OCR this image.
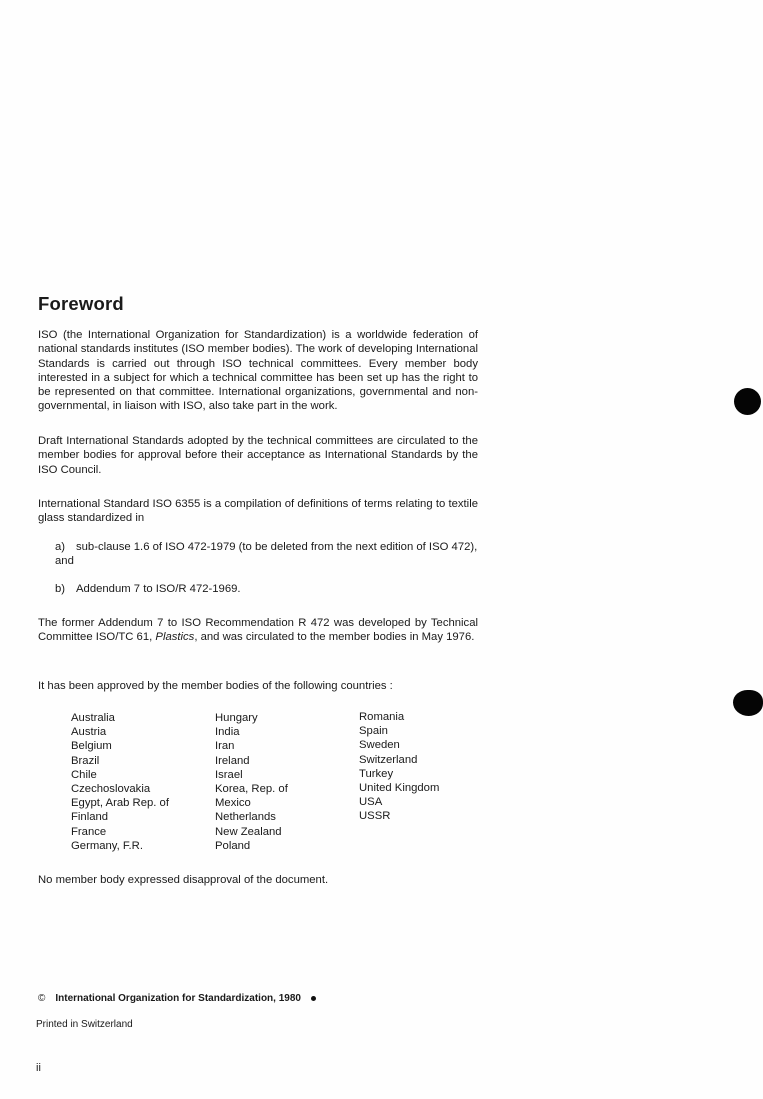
Foreword

ISO (the International Organization for Standardization) is a worldwide federation of national standards institutes (ISO member bodies). The work of developing International Standards is carried out through ISO technical committees. Every member body interested in a subject for which a technical committee has been set up has the right to be represented on that committee. International organizations, governmental and non-governmental, in liaison with ISO, also take part in the work.

Draft International Standards adopted by the technical committees are circulated to the member bodies for approval before their acceptance as International Standards by the ISO Council.

International Standard ISO 6355 is a compilation of definitions of terms relating to textile glass standardized in

a) sub-clause 1.6 of ISO 472-1979 (to be deleted from the next edition of ISO 472), and

b) Addendum 7 to ISO/R 472-1969.

The former Addendum 7 to ISO Recommendation R 472 was developed by Technical Committee ISO/TC 61, Plastics, and was circulated to the member bodies in May 1976.

It has been approved by the member bodies of the following countries :

Australia
Austria
Belgium
Brazil
Chile
Czechoslovakia
Egypt, Arab Rep. of
Finland
France
Germany, F.R.
Hungary
India
Iran
Ireland
Israel
Korea, Rep. of
Mexico
Netherlands
New Zealand
Poland
Romania
Spain
Sweden
Switzerland
Turkey
United Kingdom
USA
USSR

No member body expressed disapproval of the document.

© International Organization for Standardization, 1980
Printed in Switzerland
ii
